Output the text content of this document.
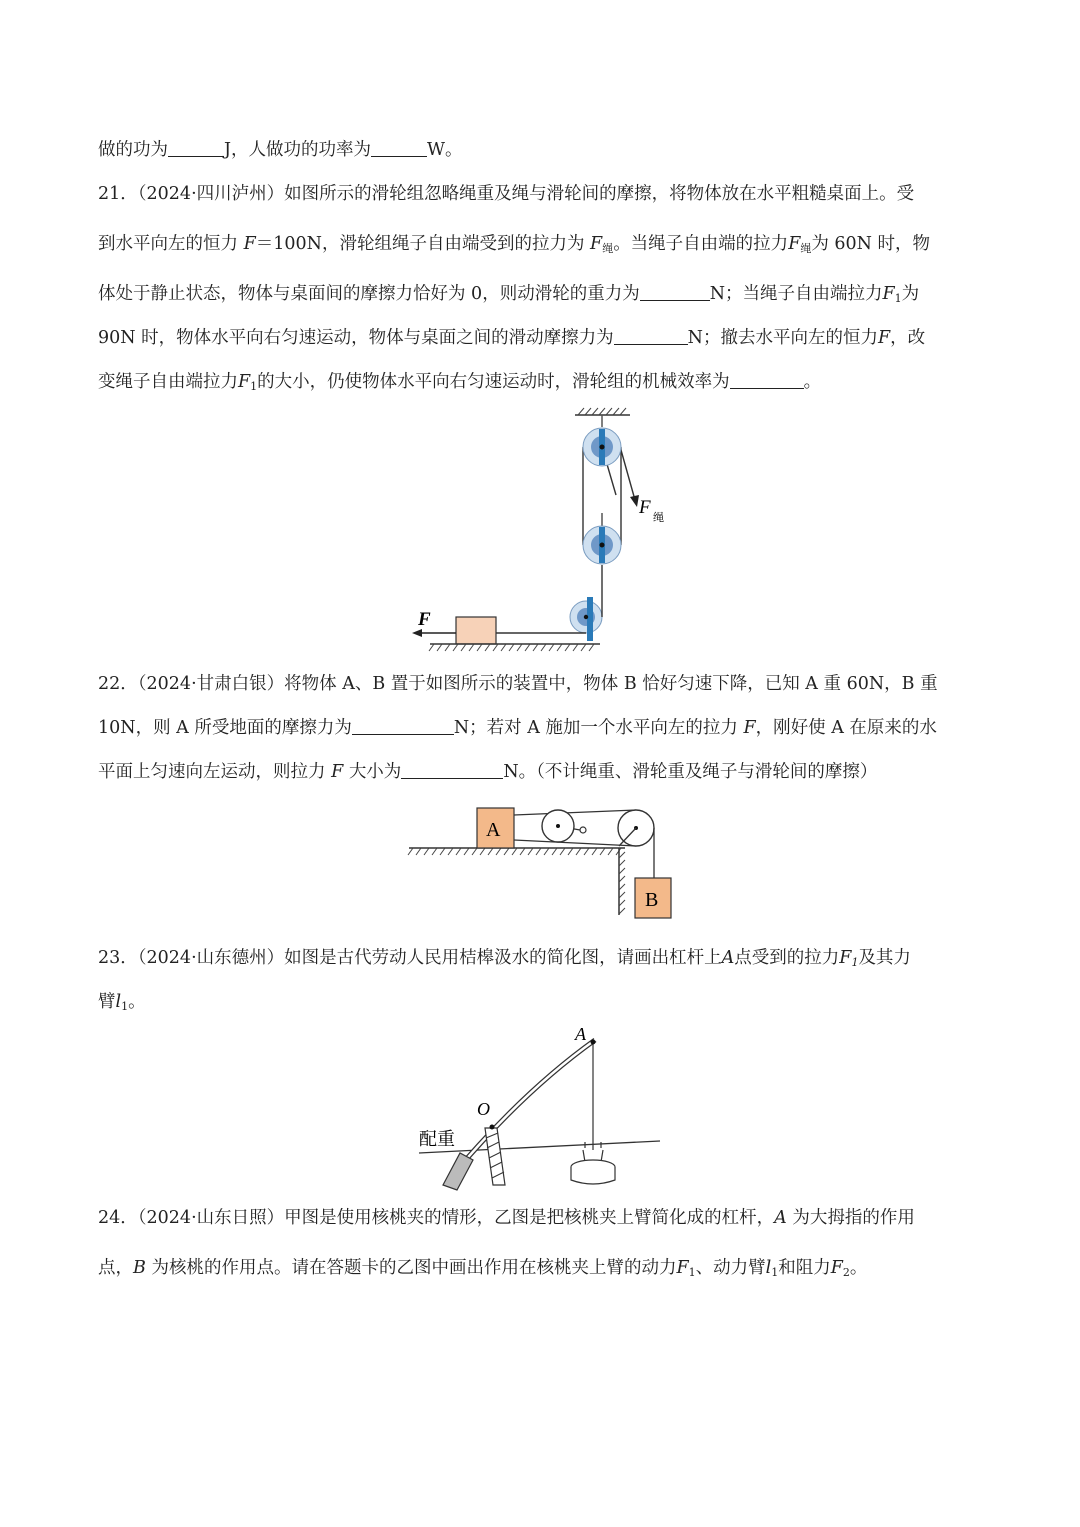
做的功为	J，人做功的功率为	W。
21．（2024·四川泸州）如图所示的滑轮组忽略绳重及绳与滑轮间的摩擦，将物体放在水平粗糙桌面上。受
到水平向左的恒力 F＝100N，滑轮组绳子自由端受到的拉力为 $F_绳$。当绳子自由端的拉力$F_绳$为 60N 时，物
体处于静止状态，物体与桌面间的摩擦力恰好为 0，则动滑轮的重力为	N；当绳子自由端拉力$F_1$为
90N 时，物体水平向右匀速运动，物体与桌面之间的滑动摩擦力为	N；撤去水平向左的恒力F，改
变绳子自由端拉力$F_1$的大小，仍使物体水平向右匀速运动时，滑轮组的机械效率为	。
F
F 绳
22．（2024·甘肃白银）将物体 A、B 置于如图所示的装置中，物体 B 恰好匀速下降，已知 A 重 60N，B 重
10N，则 A 所受地面的摩擦力为	N；若对 A 施加一个水平向左的拉力 F，刚好使 A 在原来的水
平面上匀速向左运动，则拉力 F 大小为	N。（不计绳重、滑轮重及绳子与滑轮间的摩擦）
A
B
23．（2024·山东德州）如图是古代劳动人民用桔槔汲水的简化图，请画出杠杆上A点受到的拉力$F_1$及其力
臂$l_1$。
A
O
配重
24．（2024·山东日照）甲图是使用核桃夹的情形，乙图是把核桃夹上臂简化成的杠杆，A 为大拇指的作用
点，B 为核桃的作用点。请在答题卡的乙图中画出作用在核桃夹上臂的动力$F_1$、动力臂$l_1$和阻力$F_2$。
